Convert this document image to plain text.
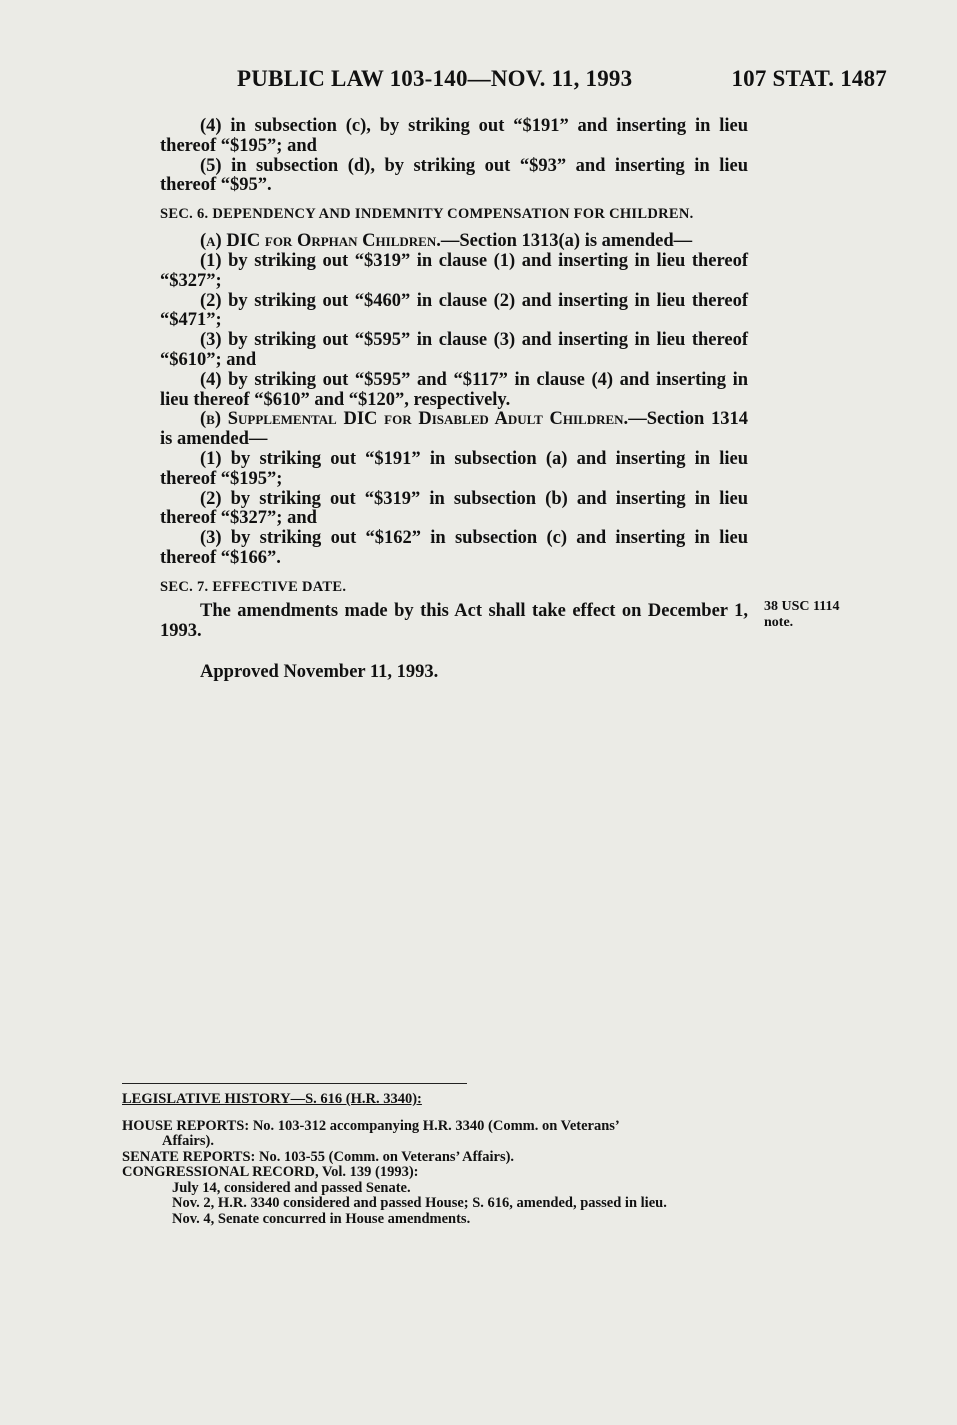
PUBLIC LAW 103-140—NOV. 11, 1993	107 STAT. 1487

(4) in subsection (c), by striking out “$191” and inserting in lieu thereof “$195”; and

(5) in subsection (d), by striking out “$93” and inserting in lieu thereof “$95”.

SEC. 6. DEPENDENCY AND INDEMNITY COMPENSATION FOR CHILDREN.

(a) DIC for Orphan Children.—Section 1313(a) is amended—

(1) by striking out “$319” in clause (1) and inserting in lieu thereof “$327”;

(2) by striking out “$460” in clause (2) and inserting in lieu thereof “$471”;

(3) by striking out “$595” in clause (3) and inserting in lieu thereof “$610”; and

(4) by striking out “$595” and “$117” in clause (4) and inserting in lieu thereof “$610” and “$120”, respectively.

(b) Supplemental DIC for Disabled Adult Children.—Section 1314 is amended—

(1) by striking out “$191” in subsection (a) and inserting in lieu thereof “$195”;

(2) by striking out “$319” in subsection (b) and inserting in lieu thereof “$327”; and

(3) by striking out “$162” in subsection (c) and inserting in lieu thereof “$166”.

SEC. 7. EFFECTIVE DATE.

The amendments made by this Act shall take effect on December 1, 1993.

Approved November 11, 1993.

38 USC 1114
note.
LEGISLATIVE HISTORY—S. 616 (H.R. 3340):

HOUSE REPORTS: No. 103-312 accompanying H.R. 3340 (Comm. on Veterans’

Affairs).

SENATE REPORTS: No. 103-55 (Comm. on Veterans’ Affairs).

CONGRESSIONAL RECORD, Vol. 139 (1993):

July 14, considered and passed Senate.

Nov. 2, H.R. 3340 considered and passed House; S. 616, amended, passed in lieu.

Nov. 4, Senate concurred in House amendments.
